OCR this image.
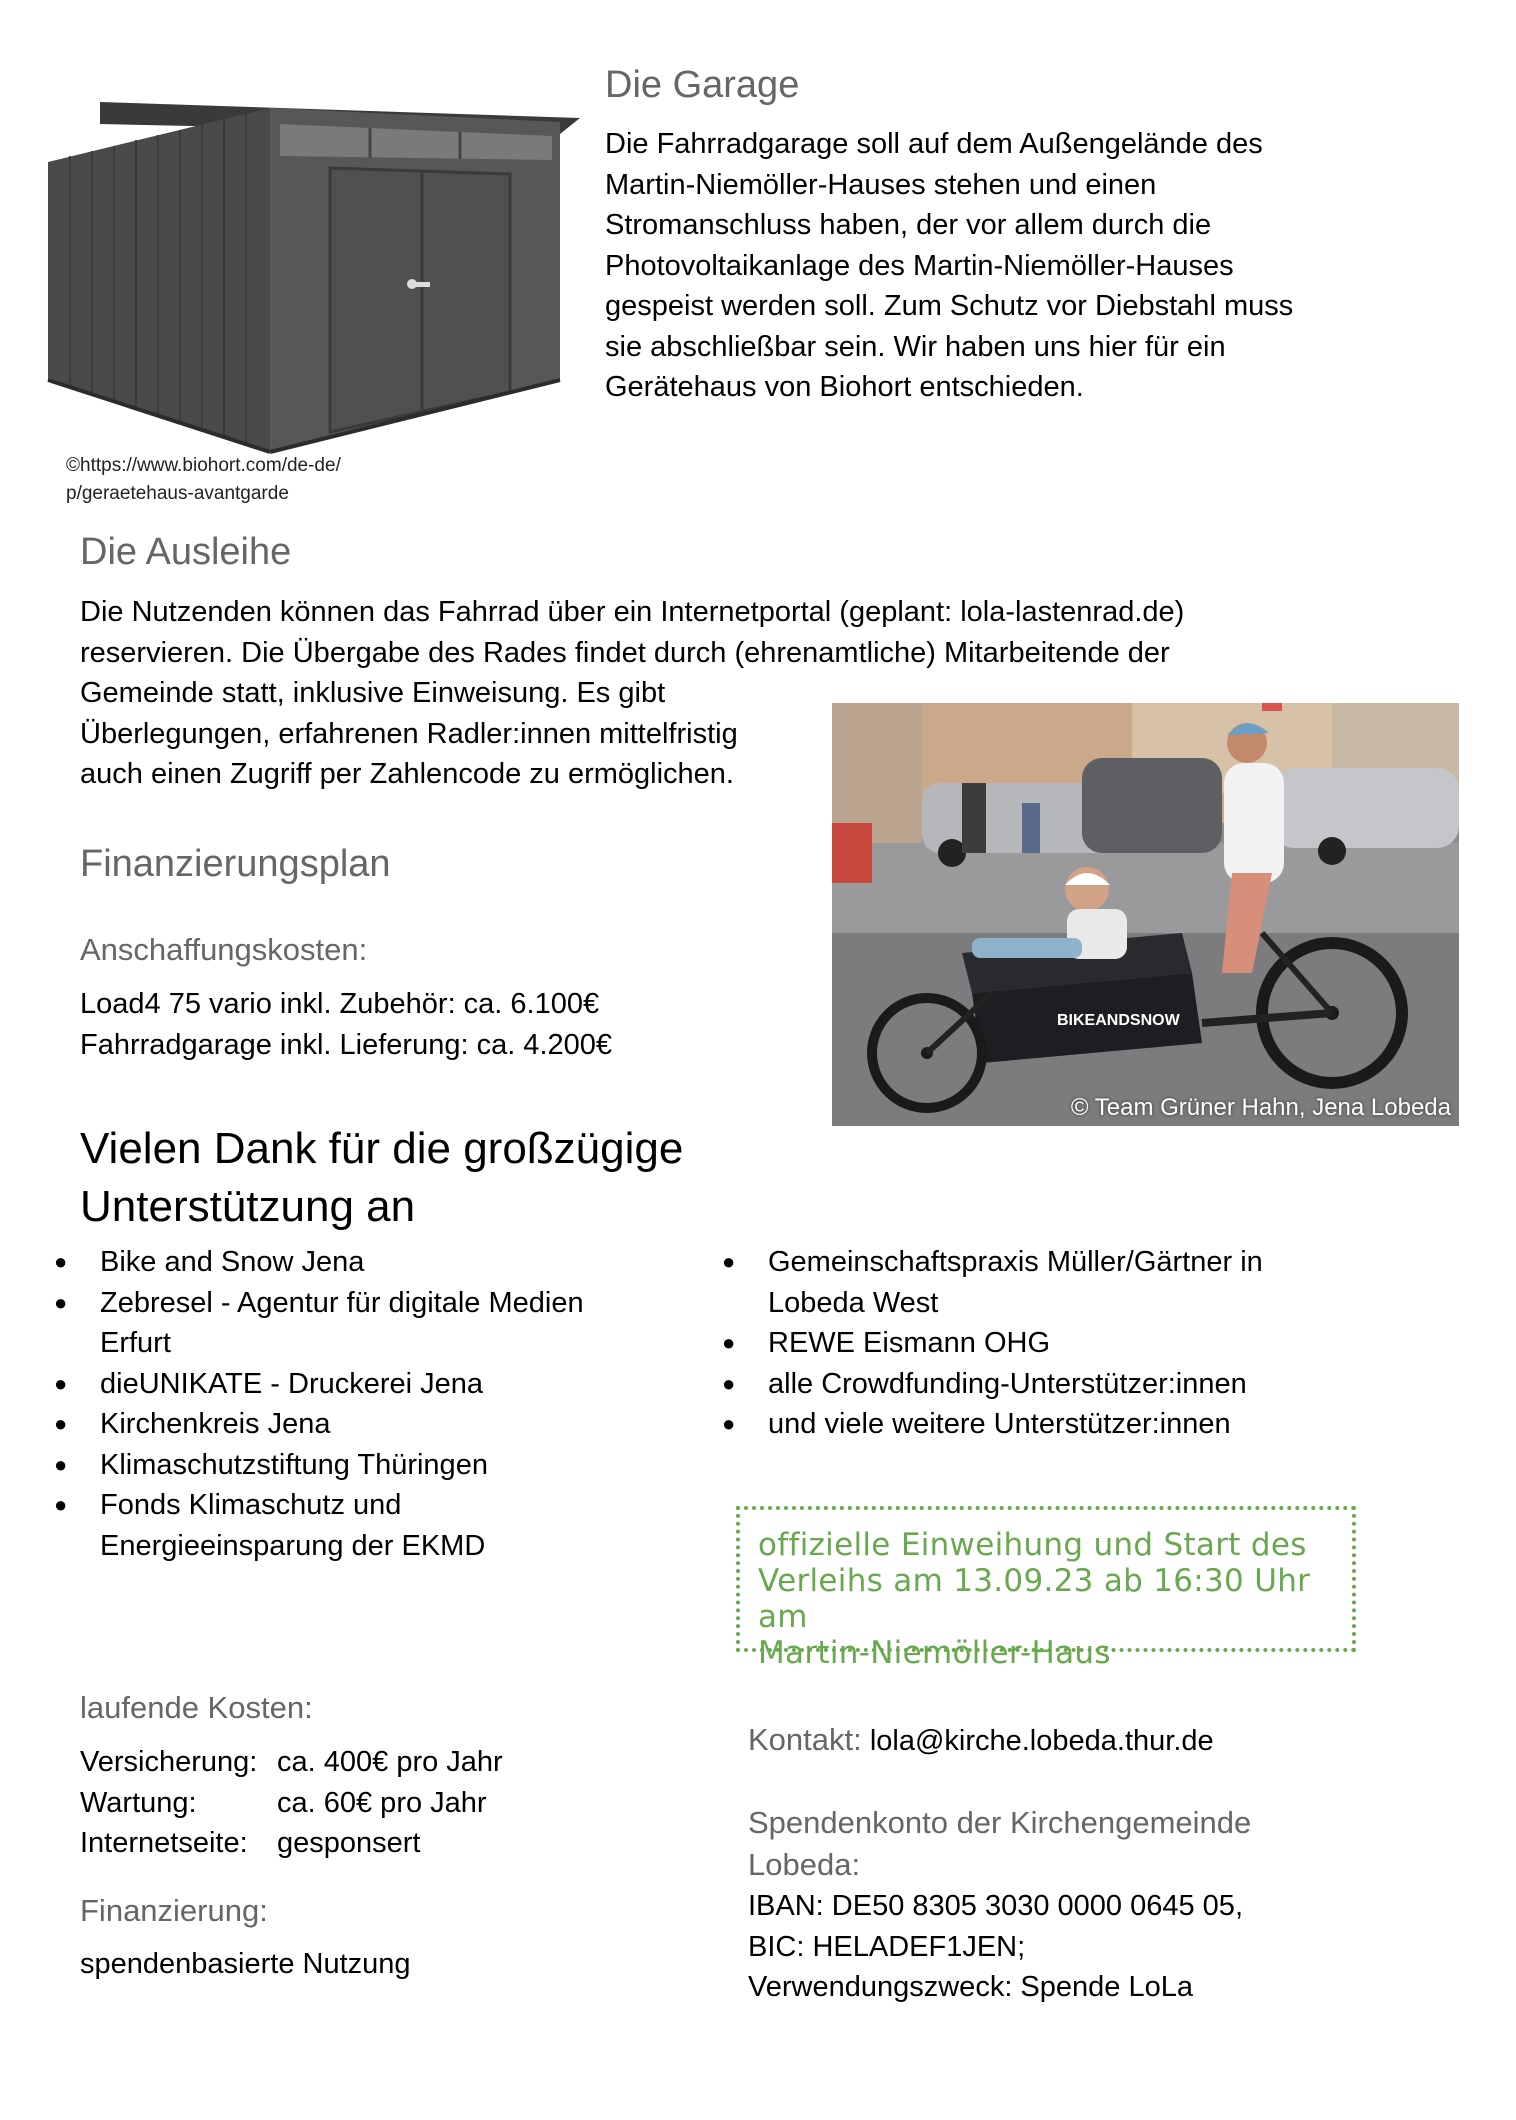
©https://www.biohort.com/de-de/
p/geraetehaus-avantgarde
Die Garage
Die Fahrradgarage soll auf dem Außengelände des Martin-Niemöller-Hauses stehen und einen Stromanschluss haben, der vor allem durch die Photovoltaikanlage des Martin-Niemöller-Hauses gespeist werden soll. Zum Schutz vor Diebstahl muss sie abschließbar sein. Wir haben uns hier für ein Gerätehaus von Biohort entschieden.
Die Ausleihe
Die Nutzenden können das Fahrrad über ein Internetportal (geplant: lola-lastenrad.de)
reservieren. Die Übergabe des Rades findet durch (ehrenamtliche) Mitarbeitende der
Gemeinde statt, inklusive Einweisung. Es gibt
Überlegungen, erfahrenen Radler:innen mittelfristig
auch einen Zugriff per Zahlencode zu ermöglichen.
BIKEANDSNOW
© Team Grüner Hahn, Jena Lobeda
Finanzierungsplan
Anschaffungskosten:
Load4 75 vario inkl. Zubehör: ca. 6.100€
Fahrradgarage inkl. Lieferung: ca. 4.200€
Vielen Dank für die großzügige
Unterstützung an
● Bike and Snow Jena
● Zebresel - Agentur für digitale Medien Erfurt
● dieUNIKATE - Druckerei Jena
● Kirchenkreis Jena
● Klimaschutzstiftung Thüringen
● Fonds Klimaschutz und Energieeinsparung der EKMD
● Gemeinschaftspraxis Müller/Gärtner in Lobeda West
● REWE Eismann OHG
● alle Crowdfunding-Unterstützer:innen
● und viele weitere Unterstützer:innen
offizielle Einweihung und Start des
Verleihs am 13.09.23 ab 16:30 Uhr am
Martin-Niemöller-Haus
laufende Kosten:
Versicherung:	ca. 400€ pro Jahr
Wartung:	ca. 60€ pro Jahr
Internetseite:	gesponsert
Finanzierung:
spendenbasierte Nutzung
Kontakt: lola@kirche.lobeda.thur.de
Spendenkonto der Kirchengemeinde
Lobeda:
IBAN: DE50 8305 3030 0000 0645 05,
BIC: HELADEF1JEN;
Verwendungszweck: Spende LoLa
